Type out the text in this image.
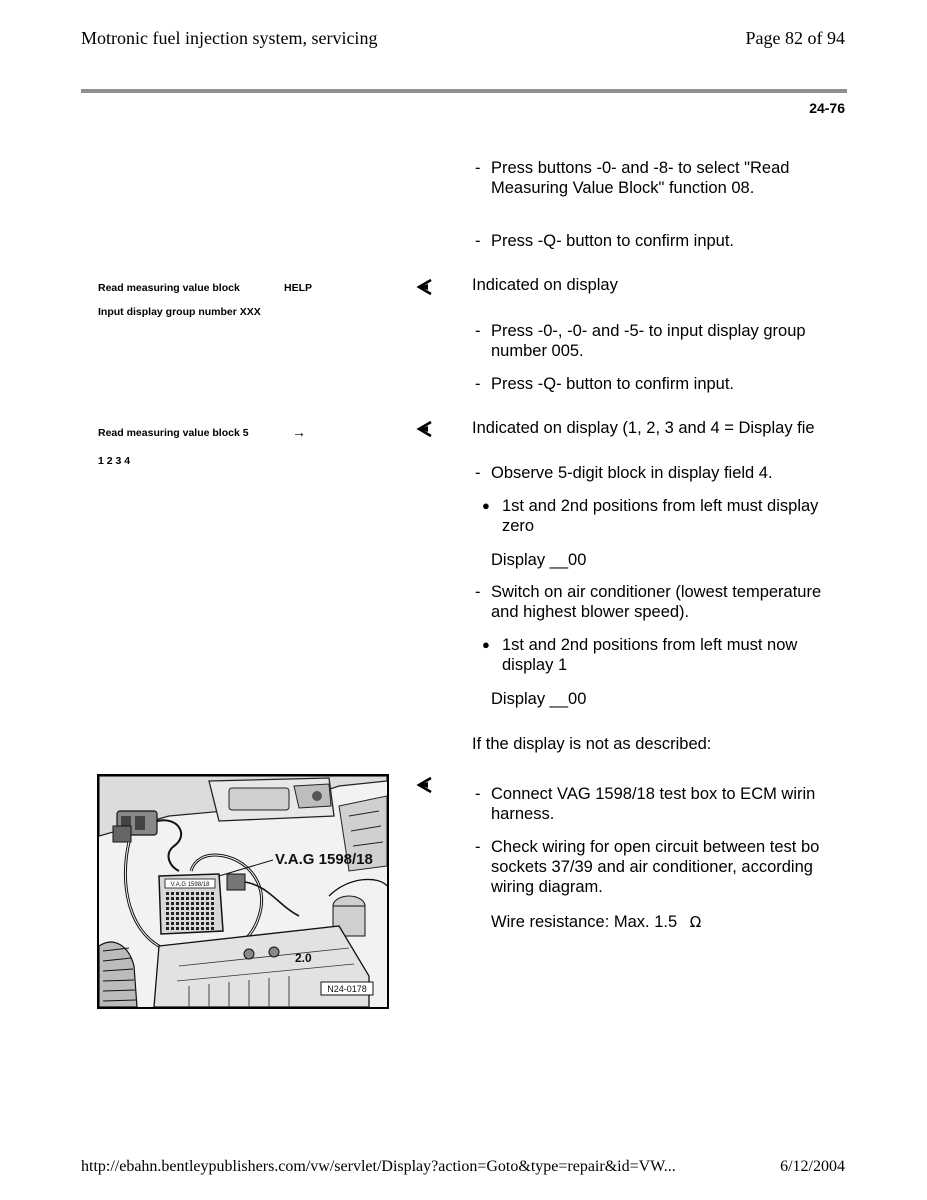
Motronic fuel injection system, servicing	Page 82 of 94
24-76
Read measuring value block	HELP
Input display group number XXX
Read measuring value block 5	→
1 2 3 4
- Press buttons -0- and -8- to select "Read
Measuring Value Block" function 08.
- Press -Q- button to confirm input.
Indicated on display
- Press -0-, -0- and -5- to input display group
number 005.
- Press -Q- button to confirm input.
Indicated on display (1, 2, 3 and 4 = Display fie
- Observe 5-digit block in display field 4.
● 1st and 2nd positions from left must display
zero
Display __00
- Switch on air conditioner (lowest temperature
and highest blower speed).
● 1st and 2nd positions from left must now
display 1
Display __00
If the display is not as described:
- Connect VAG 1598/18 test box to ECM wirin
harness.
- Check wiring for open circuit between test bo
sockets 37/39 and air conditioner, according
wiring diagram.
Wire resistance: Max. 1.5 Ω
V.A.G 1598/18
V.A.G 1598/18
2.0
N24-0178
http://ebahn.bentleypublishers.com/vw/servlet/Display?action=Goto&type=repair&id=VW...	6/12/2004
